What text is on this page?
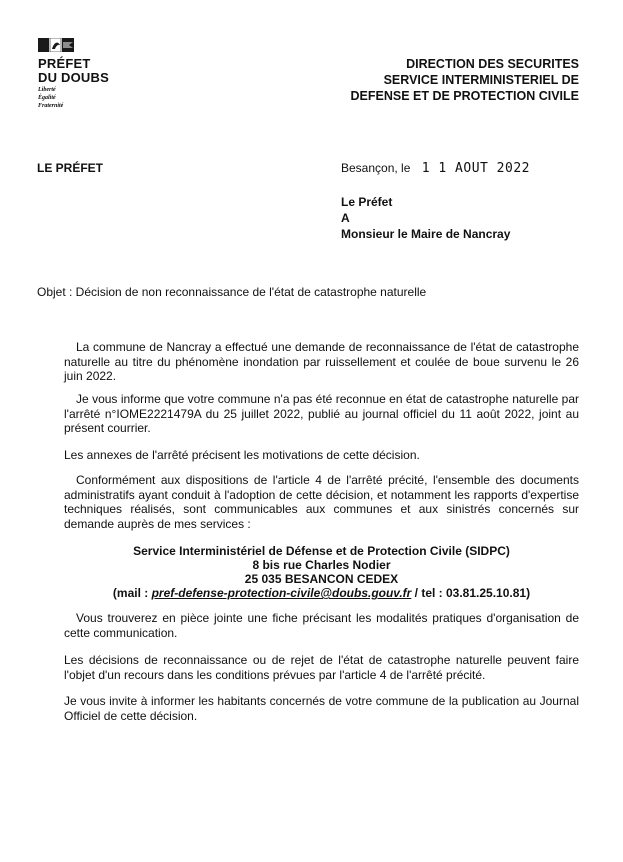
PRÉFET
DU DOUBS
Liberté
Égalité
Fraternité
DIRECTION DES SECURITES
SERVICE INTERMINISTERIEL DE
DEFENSE ET DE PROTECTION CIVILE
LE PRÉFET	Besançon, le 1 1 AOUT 2022
Le Préfet
A
Monsieur le Maire de Nancray
Objet : Décision de non reconnaissance de l'état de catastrophe naturelle
La commune de Nancray a effectué une demande de reconnaissance de l'état de catastrophe naturelle au titre du phénomène inondation par ruissellement et coulée de boue survenu le 26 juin 2022.
Je vous informe que votre commune n'a pas été reconnue en état de catastrophe naturelle par l'arrêté n°IOME2221479A du 25 juillet 2022, publié au journal officiel du 11 août 2022, joint au présent courrier.
Les annexes de l'arrêté précisent les motivations de cette décision.
Conformément aux dispositions de l'article 4 de l'arrêté précité, l'ensemble des documents administratifs ayant conduit à l'adoption de cette décision, et notamment les rapports d'expertise techniques réalisés, sont communicables aux communes et aux sinistrés concernés sur demande auprès de mes services :
Service Interministériel de Défense et de Protection Civile (SIDPC)
8 bis rue Charles Nodier
25 035 BESANCON CEDEX
(mail : pref-defense-protection-civile@doubs.gouv.fr / tel : 03.81.25.10.81)
Vous trouverez en pièce jointe une fiche précisant les modalités pratiques d'organisation de cette communication.
Les décisions de reconnaissance ou de rejet de l'état de catastrophe naturelle peuvent faire l'objet d'un recours dans les conditions prévues par l'article 4 de l'arrêté précité.
Je vous invite à informer les habitants concernés de votre commune de la publication au Journal Officiel de cette décision.
